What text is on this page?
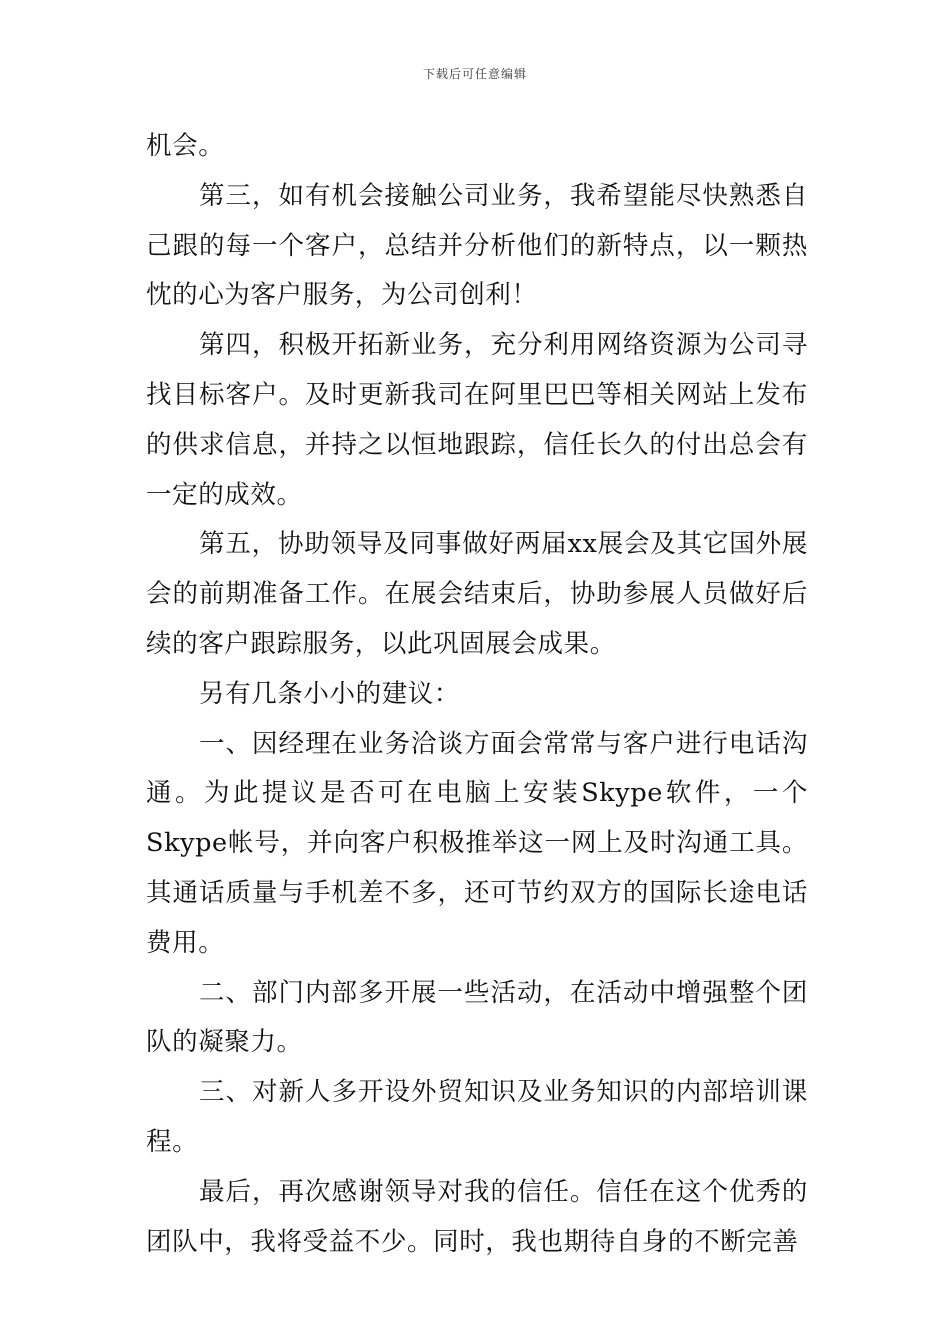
下载后可任意编辑

机会。

第三，如有机会接触公司业务，我希望能尽快熟悉自己跟的每一个客户，总结并分析他们的新特点，以一颗热忱的心为客户服务，为公司创利！

第四，积极开拓新业务，充分利用网络资源为公司寻找目标客户。及时更新我司在阿里巴巴等相关网站上发布的供求信息，并持之以恒地跟踪，信任长久的付出总会有一定的成效。

第五，协助领导及同事做好两届xx展会及其它国外展会的前期准备工作。在展会结束后，协助参展人员做好后续的客户跟踪服务，以此巩固展会成果。

另有几条小小的建议：

一、因经理在业务洽谈方面会常常与客户进行电话沟通。为此提议是否可在电脑上安装Skype软件，一个Skype帐号，并向客户积极推举这一网上及时沟通工具。其通话质量与手机差不多，还可节约双方的国际长途电话费用。

二、部门内部多开展一些活动，在活动中增强整个团队的凝聚力。

三、对新人多开设外贸知识及业务知识的内部培训课程。

最后，再次感谢领导对我的信任。信任在这个优秀的团队中，我将受益不少。同时，我也期待自身的不断完善
